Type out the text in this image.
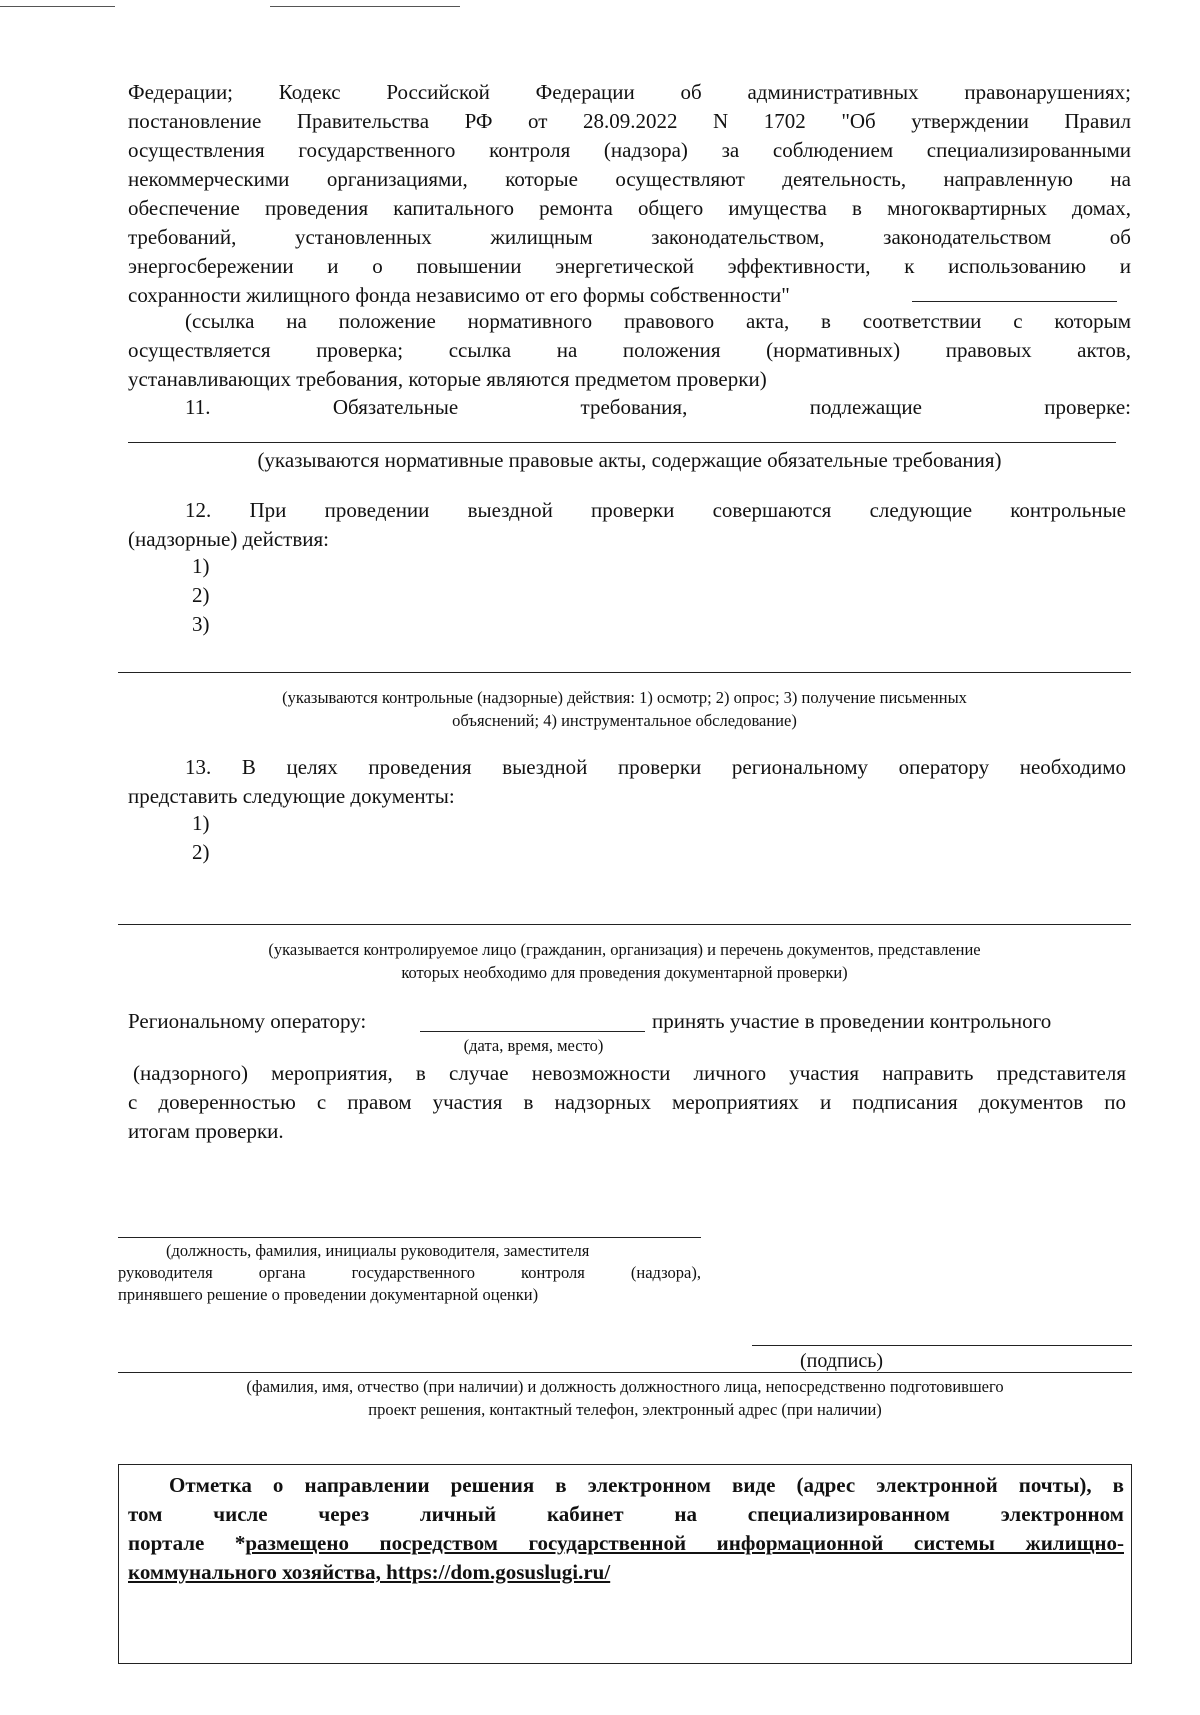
Федерации; Кодекс Российской Федерации об административных правонарушениях;
постановление Правительства РФ от 28.09.2022 N 1702 "Об утверждении Правил
осуществления государственного контроля (надзора) за соблюдением специализированными
некоммерческими организациями, которые осуществляют деятельность, направленную на
обеспечение проведения капитального ремонта общего имущества в многоквартирных домах,
требований, установленных жилищным законодательством, законодательством об
энергосбережении и о повышении энергетической эффективности, к использованию и
сохранности жилищного фонда независимо от его формы собственности"
(ссылка на положение нормативного правового акта, в соответствии с которым
осуществляется проверка; ссылка на положения (нормативных) правовых актов,
устанавливающих требования, которые являются предметом проверки)
11. Обязательные требования, подлежащие проверке:
(указываются нормативные правовые акты, содержащие обязательные требования)
12. При проведении выездной проверки совершаются следующие контрольные
(надзорные) действия:
1)
2)
3)
(указываются контрольные (надзорные) действия: 1) осмотр; 2) опрос; 3) получение письменных
объяснений; 4) инструментальное обследование)
13. В целях проведения выездной проверки региональному оператору необходимо
представить следующие документы:
1)
2)
(указывается контролируемое лицо (гражданин, организация) и перечень документов, представление
которых необходимо для проведения документарной проверки)
Региональному оператору:	принять участие в проведении контрольного
(дата, время, место)
(надзорного) мероприятия, в случае невозможности личного участия направить представителя
с доверенностью с правом участия в надзорных мероприятиях и подписания документов по
итогам проверки.
(должность, фамилия, инициалы руководителя, заместителя
руководителя органа государственного контроля (надзора),
принявшего решение о проведении документарной оценки)
(подпись)
(фамилия, имя, отчество (при наличии) и должность должностного лица, непосредственно подготовившего
проект решения, контактный телефон, электронный адрес (при наличии)
Отметка о направлении решения в электронном виде (адрес электронной почты), в
том числе через личный кабинет на специализированном электронном
портале *размещено посредством государственной информационной системы жилищно-
коммунального хозяйства, https://dom.gosuslugi.ru/
